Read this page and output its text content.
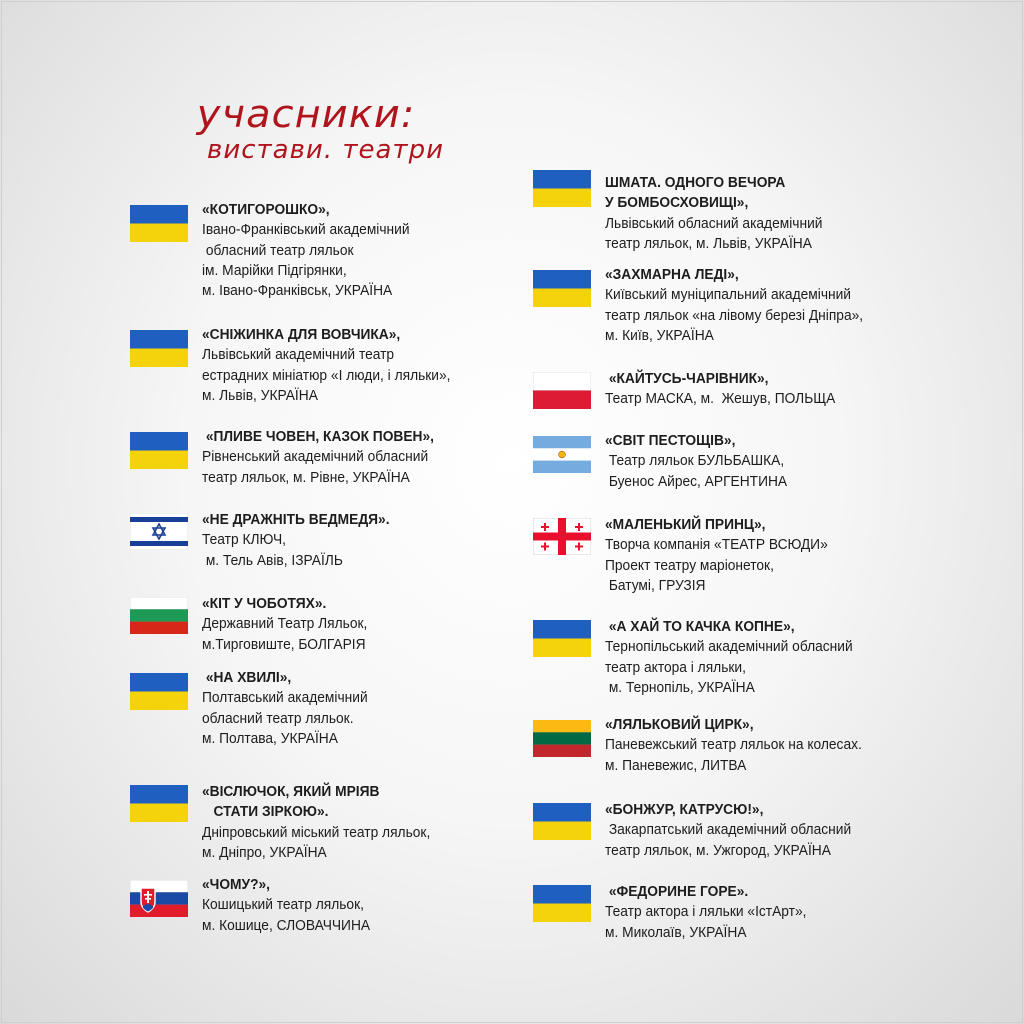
учасники:
вистави. театри
«КОТИГОРОШКО»,
Івано-Франківський академічний
обласний театр ляльок
ім. Марійки Підгірянки,
м. Івано-Франківськ, УКРАЇНА
«СНІЖИНКА ДЛЯ ВОВЧИКА»,
Львівський академічний театр
естрадних мініатюр «І люди, і ляльки»,
м. Львів, УКРАЇНА
«ПЛИВЕ ЧОВЕН, КАЗОК ПОВЕН»,
Рівненський академічний обласний
театр ляльок, м. Рівне, УКРАЇНА
«НЕ ДРАЖНІТЬ ВЕДМЕДЯ».
Театр КЛЮЧ,
м. Тель Авів, ІЗРАЇЛЬ
«КІТ У ЧОБОТЯХ».
Державний Театр Ляльок,
м.Тирговиште, БОЛГАРІЯ
«НА ХВИЛІ»,
Полтавський академічний
обласний театр ляльок.
м. Полтава, УКРАЇНА
«ВІСЛЮЧОК, ЯКИЙ МРІЯВ
СТАТИ ЗІРКОЮ».
Дніпровський міський театр ляльок,
м. Дніпро, УКРАЇНА
«ЧОМУ?»,
Кошицький театр ляльок,
м. Кошице, СЛОВАЧЧИНА
ШМАТА. ОДНОГО ВЕЧОРА
У БОМБОСХОВИЩІ»,
Львівський обласний академічний
театр ляльок, м. Львів, УКРАЇНА
«ЗАХМАРНА ЛЕДІ»,
Київський муніципальний академічний
театр ляльок «на лівому березі Дніпра»,
м. Київ, УКРАЇНА
«КАЙТУСЬ-ЧАРІВНИК»,
Театр МАСКА, м.  Жешув, ПОЛЬЩА
«СВІТ ПЕСТОЩІВ»,
Театр ляльок БУЛЬБАШКА,
Буенос Айрес, АРГЕНТИНА
«МАЛЕНЬКИЙ ПРИНЦ»,
Творча компанія «ТЕАТР ВСЮДИ»
Проект театру маріонеток,
Батумі, ГРУЗІЯ
«А ХАЙ ТО КАЧКА КОПНЕ»,
Тернопільський академічний обласний
театр актора і ляльки,
м. Тернопіль, УКРАЇНА
«ЛЯЛЬКОВИЙ ЦИРК»,
Паневежський театр ляльок на колесах.
м. Паневежис, ЛИТВА
«БОНЖУР, КАТРУСЮ!»,
Закарпатський академічний обласний
театр ляльок, м. Ужгород, УКРАЇНА
«ФЕДОРИНЕ ГОРЕ».
Театр актора і ляльки «ІстАрт»,
м. Миколаїв, УКРАЇНА
